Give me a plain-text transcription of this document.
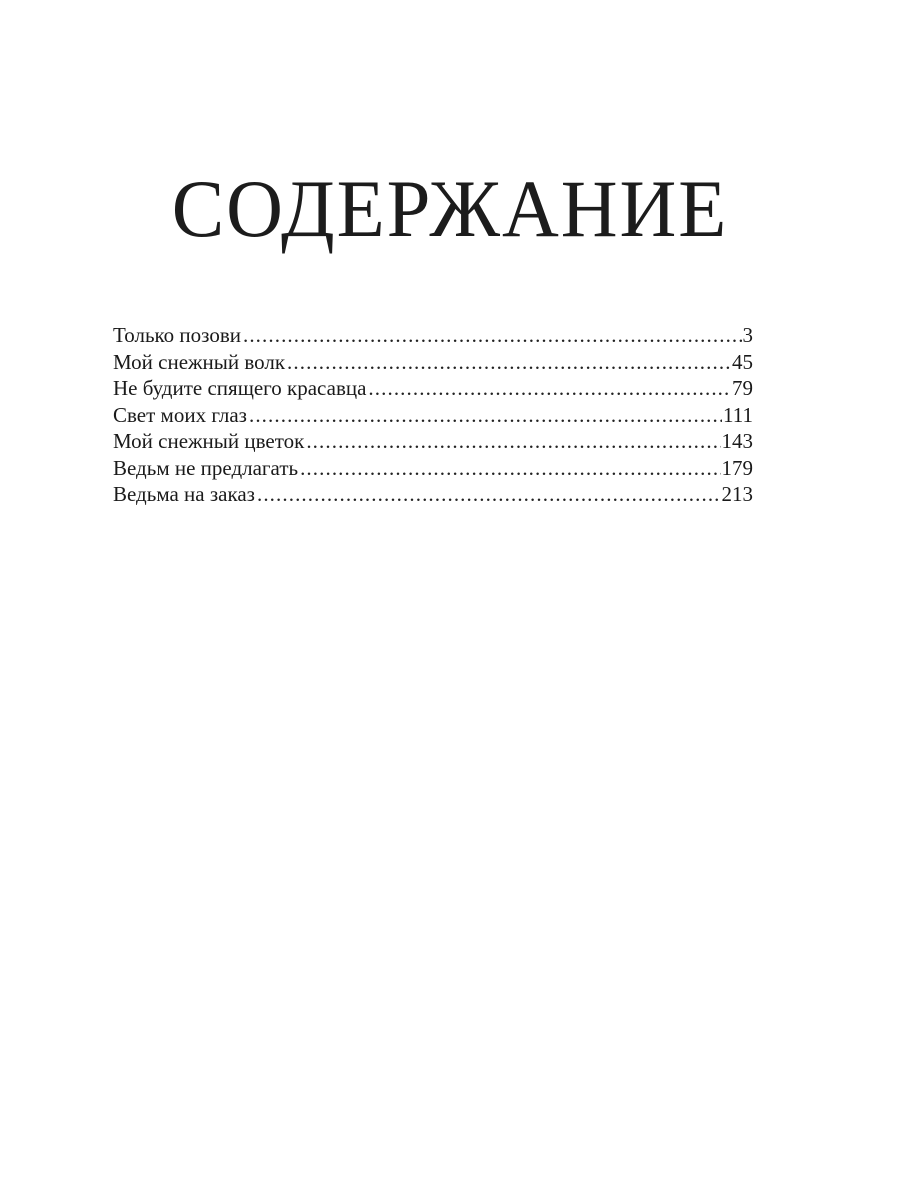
СОДЕРЖАНИЕ
Только позови .....	3
Мой снежный волк .....	45
Не будите спящего красавца .....	79
Свет моих глаз .....	111
Мой снежный цветок .....	143
Ведьм не предлагать .....	179
Ведьма на заказ .....	213
